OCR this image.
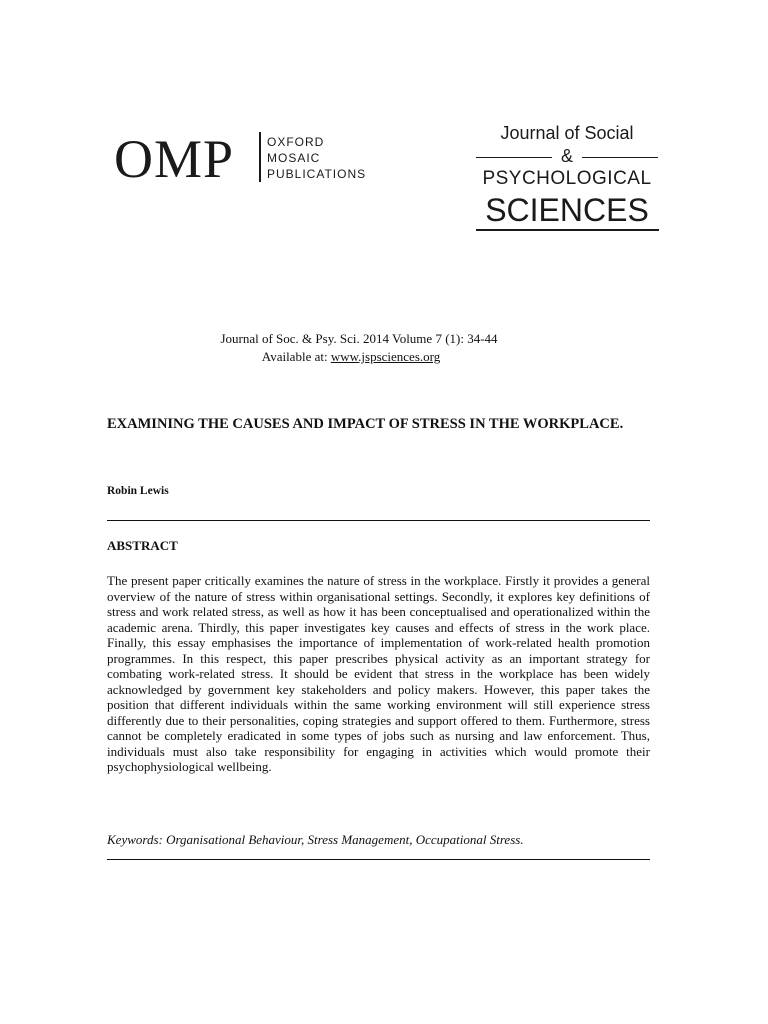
OMP	OXFORD
MOSAIC
PUBLICATIONS
Journal of Social
&
PSYCHOLOGICAL
SCIENCES
Journal of Soc. & Psy. Sci. 2014 Volume 7 (1): 34-44
Available at: www.jspsciences.org
EXAMINING THE CAUSES AND IMPACT OF STRESS IN THE WORKPLACE.
Robin Lewis
ABSTRACT
The present paper critically examines the nature of stress in the workplace. Firstly it provides a general overview of the nature of stress within organisational settings. Secondly, it explores key definitions of stress and work related stress, as well as how it has been conceptualised and operationalized within the academic arena. Thirdly, this paper investigates key causes and effects of stress in the work place. Finally, this essay emphasises the importance of implementation of work-related health promotion programmes. In this respect, this paper prescribes physical activity as an important strategy for combating work-related stress. It should be evident that stress in the workplace has been widely acknowledged by government key stakeholders and policy makers. However, this paper takes the position that different individuals within the same working environment will still experience stress differently due to their personalities, coping strategies and support offered to them. Furthermore, stress cannot be completely eradicated in some types of jobs such as nursing and law enforcement. Thus, individuals must also take responsibility for engaging in activities which would promote their psychophysiological wellbeing.
Keywords: Organisational Behaviour, Stress Management, Occupational Stress.
